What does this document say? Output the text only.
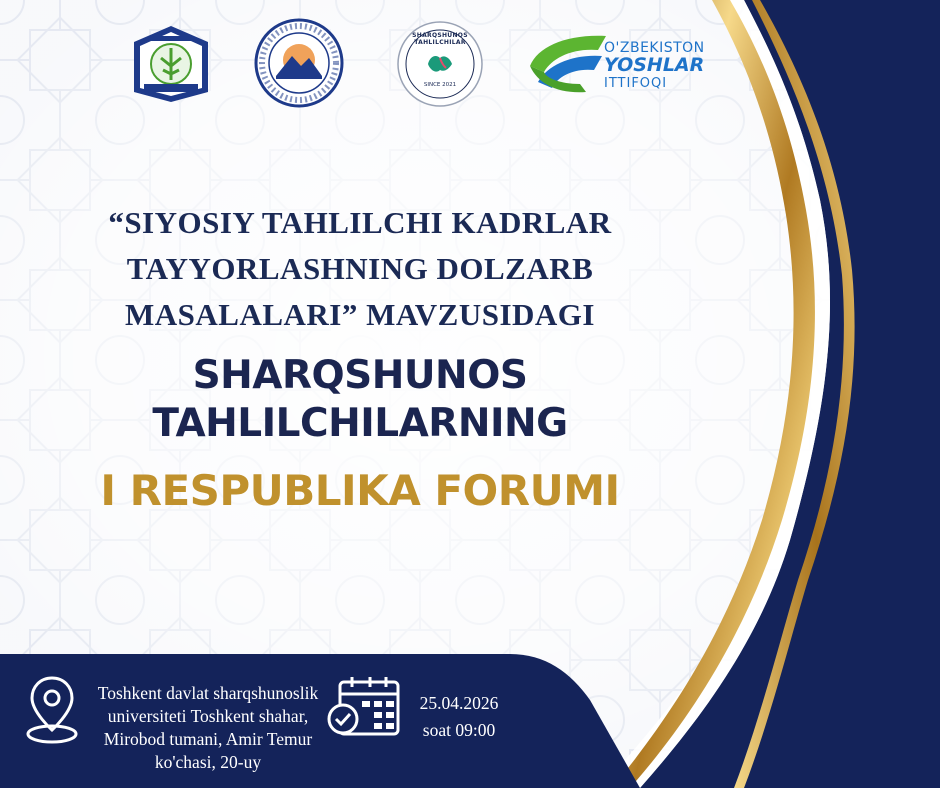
SHARQSHUNOS TAHLILCHILAR
SINCE 2021
O'ZBEKISTON
YOSHLAR
ITTIFOQI
“SIYOSIY TAHLILCHI KADRLAR
TAYYORLASHNING DOLZARB
MASALALARI” MAVZUSIDAGI
SHARQSHUNOS
TAHLILCHILARNING
I RESPUBLIKA FORUMI
Toshkent davlat sharqshunoslik
universiteti Toshkent shahar,
Mirobod tumani, Amir Temur
ko'chasi, 20-uy
25.04.2026
soat 09:00
